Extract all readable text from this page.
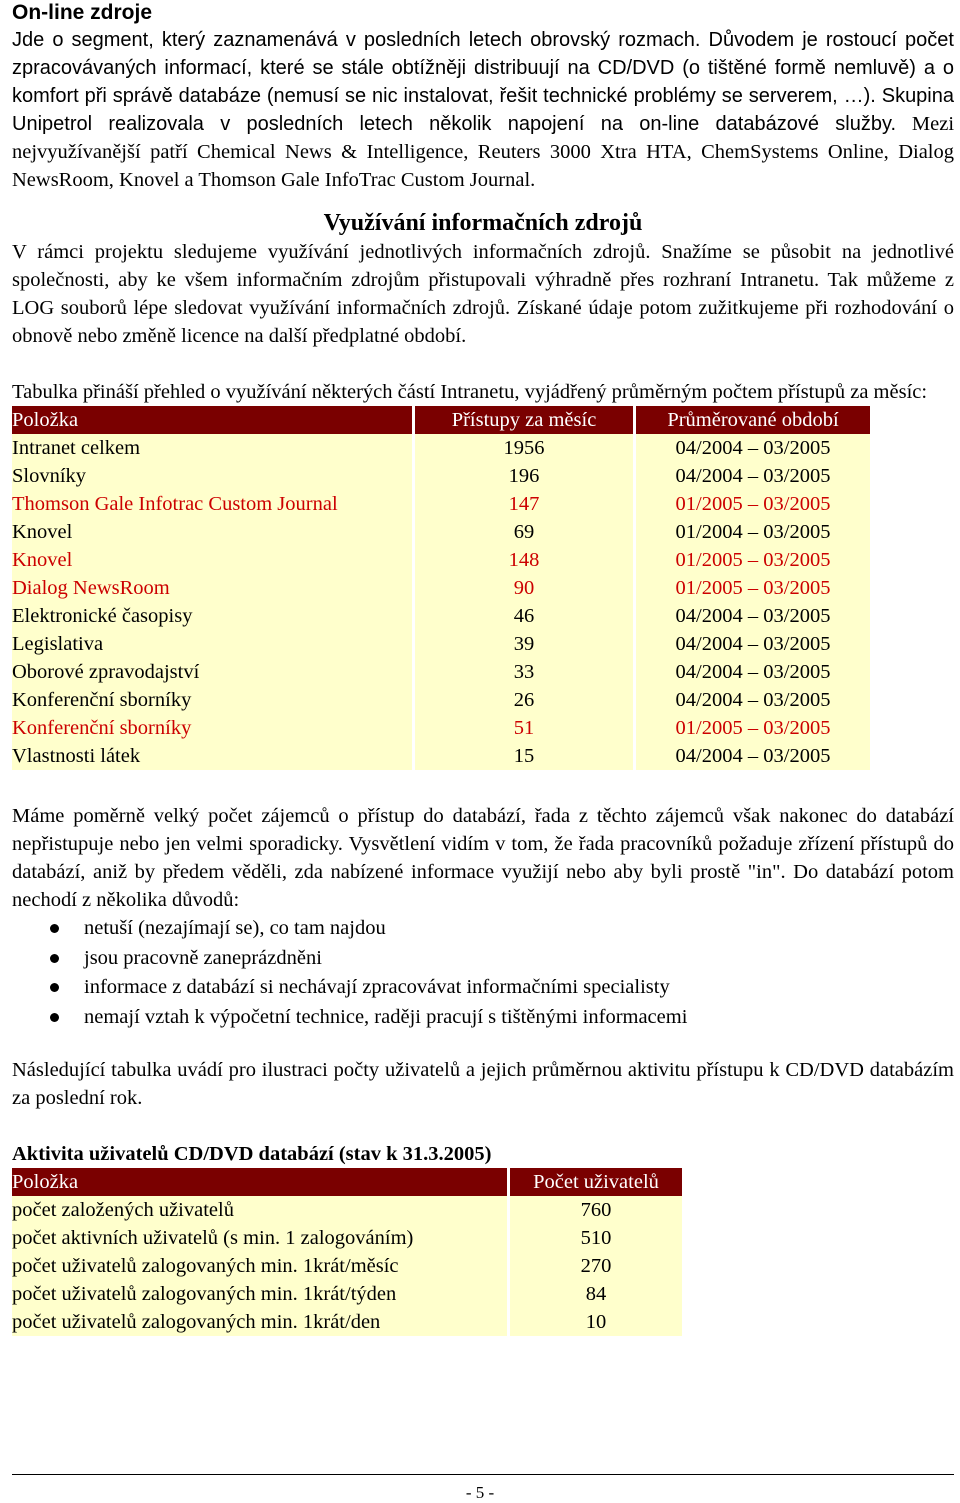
On-line zdroje

Jde o segment, který zaznamenává v posledních letech obrovský rozmach. Důvodem je rostoucí počet zpracovávaných informací, které se stále obtížněji distribuují na CD/DVD (o tištěné formě nemluvě) a o komfort při správě databáze (nemusí se nic instalovat, řešit technické problémy se serverem, …). Skupina Unipetrol realizovala v posledních letech několik napojení na on-line databázové služby. Mezi nejvyužívanější patří Chemical News & Intelligence, Reuters 3000 Xtra HTA, ChemSystems Online, Dialog NewsRoom, Knovel a Thomson Gale InfoTrac Custom Journal.

Využívání informačních zdrojů

V rámci projektu sledujeme využívání jednotlivých informačních zdrojů. Snažíme se působit na jednotlivé společnosti, aby ke všem informačním zdrojům přistupovali výhradně přes rozhraní Intranetu. Tak můžeme z LOG souborů lépe sledovat využívání informačních zdrojů. Získané údaje potom zužitkujeme při rozhodování o obnově nebo změně licence na další předplatné období.

Tabulka přináší přehled o využívání některých částí Intranetu, vyjádřený průměrným počtem přístupů za měsíc:

Položka	Přístupy za měsíc	Průměrované období
Intranet celkem	1956	04/2004 – 03/2005
Slovníky	196	04/2004 – 03/2005
Thomson Gale Infotrac Custom Journal	147	01/2005 – 03/2005
Knovel	69	01/2004 – 03/2005
Knovel	148	01/2005 – 03/2005
Dialog NewsRoom	90	01/2005 – 03/2005
Elektronické časopisy	46	04/2004 – 03/2005
Legislativa	39	04/2004 – 03/2005
Oborové zpravodajství	33	04/2004 – 03/2005
Konferenční sborníky	26	04/2004 – 03/2005
Konferenční sborníky	51	01/2005 – 03/2005
Vlastnosti látek	15	04/2004 – 03/2005

Máme poměrně velký počet zájemců o přístup do databází, řada z těchto zájemců však nakonec do databází nepřistupuje nebo jen velmi sporadicky. Vysvětlení vidím v tom, že řada pracovníků požaduje zřízení přístupů do databází, aniž by předem věděli, zda nabízené informace využijí nebo aby byli prostě "in". Do databází potom nechodí z několika důvodů:

netuší (nezajímají se), co tam najdou
jsou pracovně zaneprázdněni
informace z databází si nechávají zpracovávat informačními specialisty
nemají vztah k výpočetní technice, raději pracují s tištěnými informacemi

Následující tabulka uvádí pro ilustraci počty uživatelů a jejich průměrnou aktivitu přístupu k CD/DVD databázím za poslední rok.

Aktivita uživatelů CD/DVD databází (stav k 31.3.2005)

Položka	Počet uživatelů
počet založených uživatelů	760
počet aktivních uživatelů (s min. 1 zalogováním)	510
počet uživatelů zalogovaných min. 1krát/měsíc	270
počet uživatelů zalogovaných min. 1krát/týden	84
počet uživatelů zalogovaných min. 1krát/den	10
- 5 -
